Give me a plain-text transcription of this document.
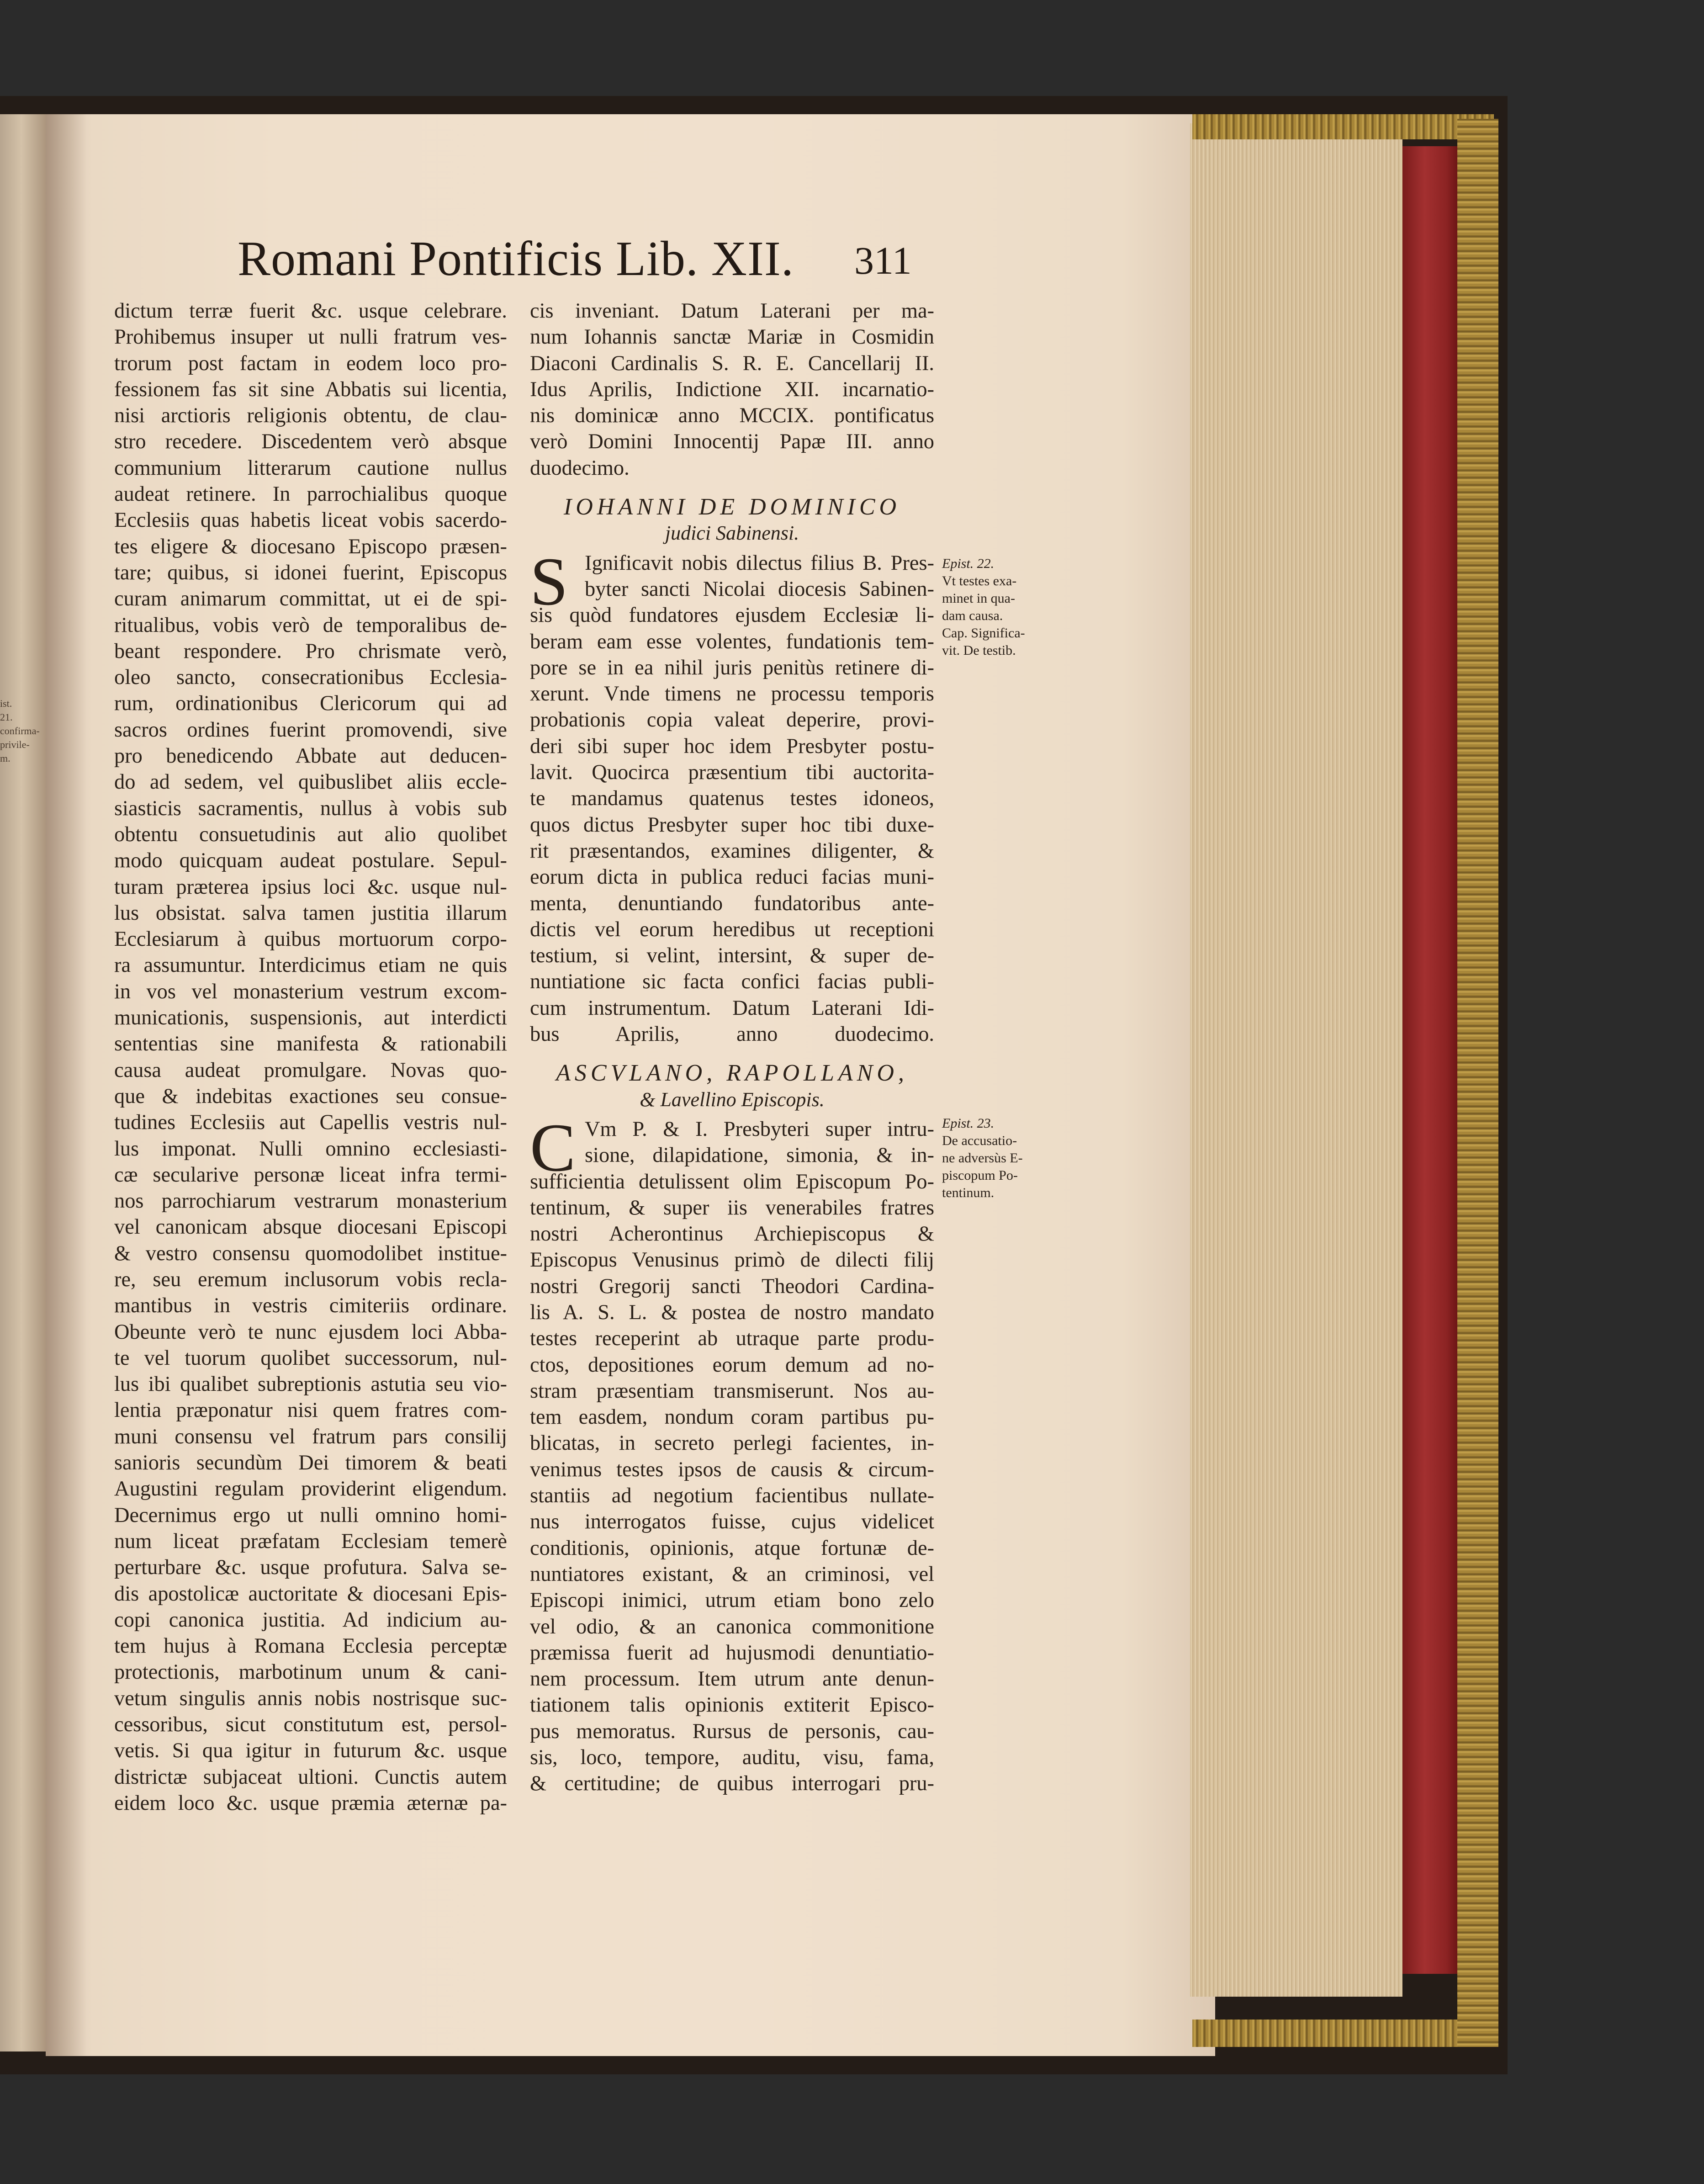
ist. 21.
confirma-
privile-
m.
Romani Pontificis Lib. XII.	311
dictum terræ fuerit &c. usque celebrare.
Prohibemus insuper ut nulli fratrum ves-
trorum post factam in eodem loco pro-
fessionem fas sit sine Abbatis sui licentia,
nisi arctioris religionis obtentu, de clau-
stro recedere. Discedentem verò absque
communium litterarum cautione nullus
audeat retinere. In parrochialibus quoque
Ecclesiis quas habetis liceat vobis sacerdo-
tes eligere & diocesano Episcopo præsen-
tare; quibus, si idonei fuerint, Episcopus
curam animarum committat, ut ei de spi-
ritualibus, vobis verò de temporalibus de-
beant respondere. Pro chrismate verò,
oleo sancto, consecrationibus Ecclesia-
rum, ordinationibus Clericorum qui ad
sacros ordines fuerint promovendi, sive
pro benedicendo Abbate aut deducen-
do ad sedem, vel quibuslibet aliis eccle-
siasticis sacramentis, nullus à vobis sub
obtentu consuetudinis aut alio quolibet
modo quicquam audeat postulare. Sepul-
turam præterea ipsius loci &c. usque nul-
lus obsistat. salva tamen justitia illarum
Ecclesiarum à quibus mortuorum corpo-
ra assumuntur. Interdicimus etiam ne quis
in vos vel monasterium vestrum excom-
municationis, suspensionis, aut interdicti
sententias sine manifesta & rationabili
causa audeat promulgare. Novas quo-
que & indebitas exactiones seu consue-
tudines Ecclesiis aut Capellis vestris nul-
lus imponat. Nulli omnino ecclesiasti-
cæ secularive personæ liceat infra termi-
nos parrochiarum vestrarum monasterium
vel canonicam absque diocesani Episcopi
& vestro consensu quomodolibet institue-
re, seu eremum inclusorum vobis recla-
mantibus in vestris cimiteriis ordinare.
Obeunte verò te nunc ejusdem loci Abba-
te vel tuorum quolibet successorum, nul-
lus ibi qualibet subreptionis astutia seu vio-
lentia præponatur nisi quem fratres com-
muni consensu vel fratrum pars consilij
sanioris secundùm Dei timorem & beati
Augustini regulam providerint eligendum.
Decernimus ergo ut nulli omnino homi-
num liceat præfatam Ecclesiam temerè
perturbare &c. usque profutura. Salva se-
dis apostolicæ auctoritate & diocesani Epis-
copi canonica justitia. Ad indicium au-
tem hujus à Romana Ecclesia perceptæ
protectionis, marbotinum unum & cani-
vetum singulis annis nobis nostrisque suc-
cessoribus, sicut constitutum est, persol-
vetis. Si qua igitur in futurum &c. usque
districtæ subjaceat ultioni. Cunctis autem
eidem loco &c. usque præmia æternæ pa-
cis inveniant. Datum Laterani per ma-
num Iohannis sanctæ Mariæ in Cosmidin
Diaconi Cardinalis S. R. E. Cancellarij II.
Idus Aprilis, Indictione XII. incarnatio-
nis dominicæ anno MCCIX. pontificatus
verò Domini Innocentij Papæ III. anno
duodecimo.
IOHANNI DE DOMINICO
judici Sabinensi.
S Ignificavit nobis dilectus filius B. Pres-
byter sancti Nicolai diocesis Sabinen-
sis quòd fundatores ejusdem Ecclesiæ li-
beram eam esse volentes, fundationis tem-
pore se in ea nihil juris penitùs retinere di-
xerunt. Vnde timens ne processu temporis
probationis copia valeat deperire, provi-
deri sibi super hoc idem Presbyter postu-
lavit. Quocirca præsentium tibi auctorita-
te mandamus quatenus testes idoneos,
quos dictus Presbyter super hoc tibi duxe-
rit præsentandos, examines diligenter, &
eorum dicta in publica reduci facias muni-
menta, denuntiando fundatoribus ante-
dictis vel eorum heredibus ut receptioni
testium, si velint, intersint, & super de-
nuntiatione sic facta confici facias publi-
cum instrumentum. Datum Laterani Idi-
bus Aprilis, anno duodecimo.
ASCVLANO, RAPOLLANO,
& Lavellino Episcopis.
C Vm P. & I. Presbyteri super intru-
sione, dilapidatione, simonia, & in-
sufficientia detulissent olim Episcopum Po-
tentinum, & super iis venerabiles fratres
nostri Acherontinus Archiepiscopus &
Episcopus Venusinus primò de dilecti filij
nostri Gregorij sancti Theodori Cardina-
lis A. S. L. & postea de nostro mandato
testes receperint ab utraque parte produ-
ctos, depositiones eorum demum ad no-
stram præsentiam transmiserunt. Nos au-
tem easdem, nondum coram partibus pu-
blicatas, in secreto perlegi facientes, in-
venimus testes ipsos de causis & circum-
stantiis ad negotium facientibus nullate-
nus interrogatos fuisse, cujus videlicet
conditionis, opinionis, atque fortunæ de-
nuntiatores existant, & an criminosi, vel
Episcopi inimici, utrum etiam bono zelo
vel odio, & an canonica commonitione
præmissa fuerit ad hujusmodi denuntiatio-
nem processum. Item utrum ante denun-
tiationem talis opinionis extiterit Episco-
pus memoratus. Rursus de personis, cau-
sis, loco, tempore, auditu, visu, fama,
& certitudine; de quibus interrogari pru-
Epist. 22.
Vt testes exa-
minet in qua-
dam causa.
Cap. Significa-
vit. De testib.
Epist. 23.
De accusatio-
ne adversùs E-
piscopum Po-
tentinum.
